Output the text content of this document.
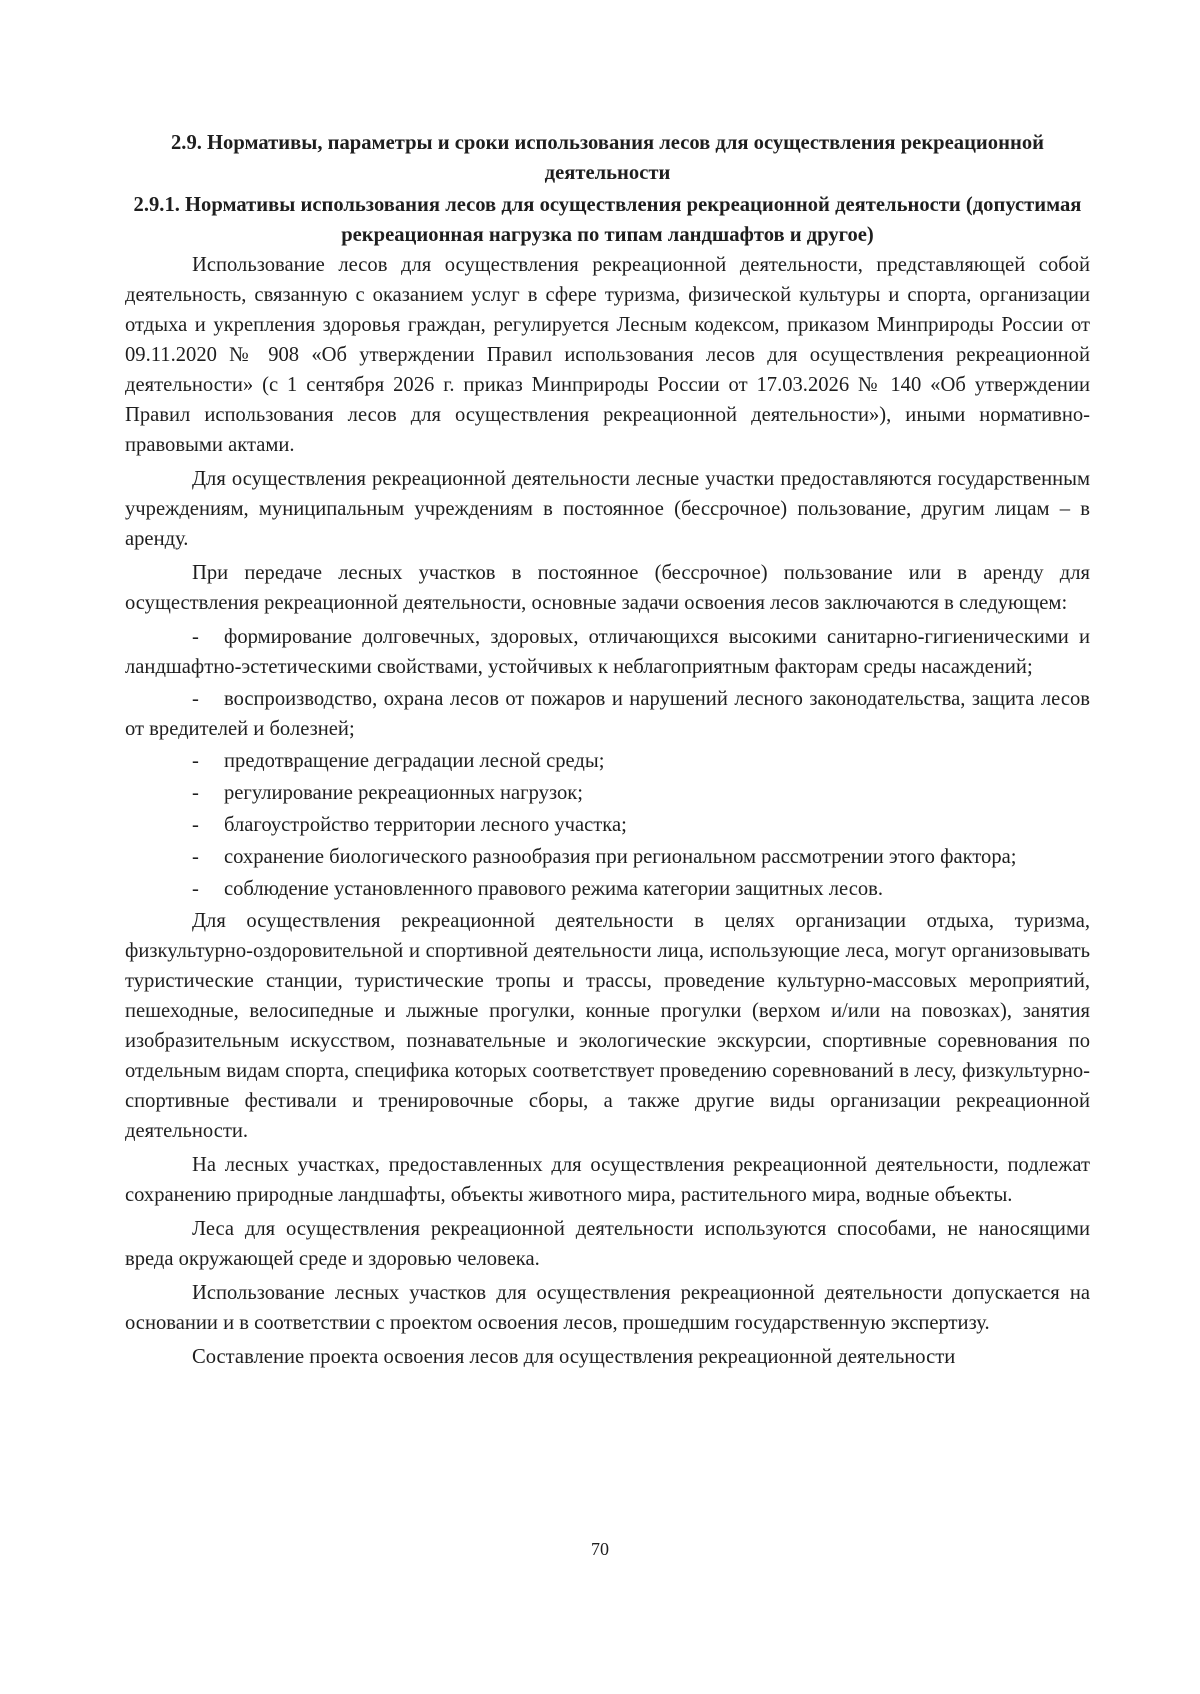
2.9. Нормативы, параметры и сроки использования лесов для осуществления рекреационной деятельности

2.9.1. Нормативы использования лесов для осуществления рекреационной деятельности (допустимая рекреационная нагрузка по типам ландшафтов и другое)

Использование лесов для осуществления рекреационной деятельности, представляющей собой деятельность, связанную с оказанием услуг в сфере туризма, физической культуры и спорта, организации отдыха и укрепления здоровья граждан, регулируется Лесным кодексом, приказом Минприроды России от 09.11.2020 № 908 «Об утверждении Правил использования лесов для осуществления рекреационной деятельности» (с 1 сентября 2026 г. приказ Минприроды России от 17.03.2026 № 140 «Об утверждении Правил использования лесов для осуществления рекреационной деятельности»), иными нормативно-правовыми актами.

Для осуществления рекреационной деятельности лесные участки предоставляются государственным учреждениям, муниципальным учреждениям в постоянное (бессрочное) пользование, другим лицам – в аренду.

При передаче лесных участков в постоянное (бессрочное) пользование или в аренду для осуществления рекреационной деятельности, основные задачи освоения лесов заключаются в следующем:

- формирование долговечных, здоровых, отличающихся высокими санитарно-гигиеническими и ландшафтно-эстетическими свойствами, устойчивых к неблагоприятным факторам среды насаждений;

- воспроизводство, охрана лесов от пожаров и нарушений лесного законодательства, защита лесов от вредителей и болезней;

- предотвращение деградации лесной среды;

- регулирование рекреационных нагрузок;

- благоустройство территории лесного участка;

- сохранение биологического разнообразия при региональном рассмотрении этого фактора;

- соблюдение установленного правового режима категории защитных лесов.

Для осуществления рекреационной деятельности в целях организации отдыха, туризма, физкультурно-оздоровительной и спортивной деятельности лица, использующие леса, могут организовывать туристические станции, туристические тропы и трассы, проведение культурно-массовых мероприятий, пешеходные, велосипедные и лыжные прогулки, конные прогулки (верхом и/или на повозках), занятия изобразительным искусством, познавательные и экологические экскурсии, спортивные соревнования по отдельным видам спорта, специфика которых соответствует проведению соревнований в лесу, физкультурно-спортивные фестивали и тренировочные сборы, а также другие виды организации рекреационной деятельности.

На лесных участках, предоставленных для осуществления рекреационной деятельности, подлежат сохранению природные ландшафты, объекты животного мира, растительного мира, водные объекты.

Леса для осуществления рекреационной деятельности используются способами, не наносящими вреда окружающей среде и здоровью человека.

Использование лесных участков для осуществления рекреационной деятельности допускается на основании и в соответствии с проектом освоения лесов, прошедшим государственную экспертизу.

Составление проекта освоения лесов для осуществления рекреационной деятельности

70
